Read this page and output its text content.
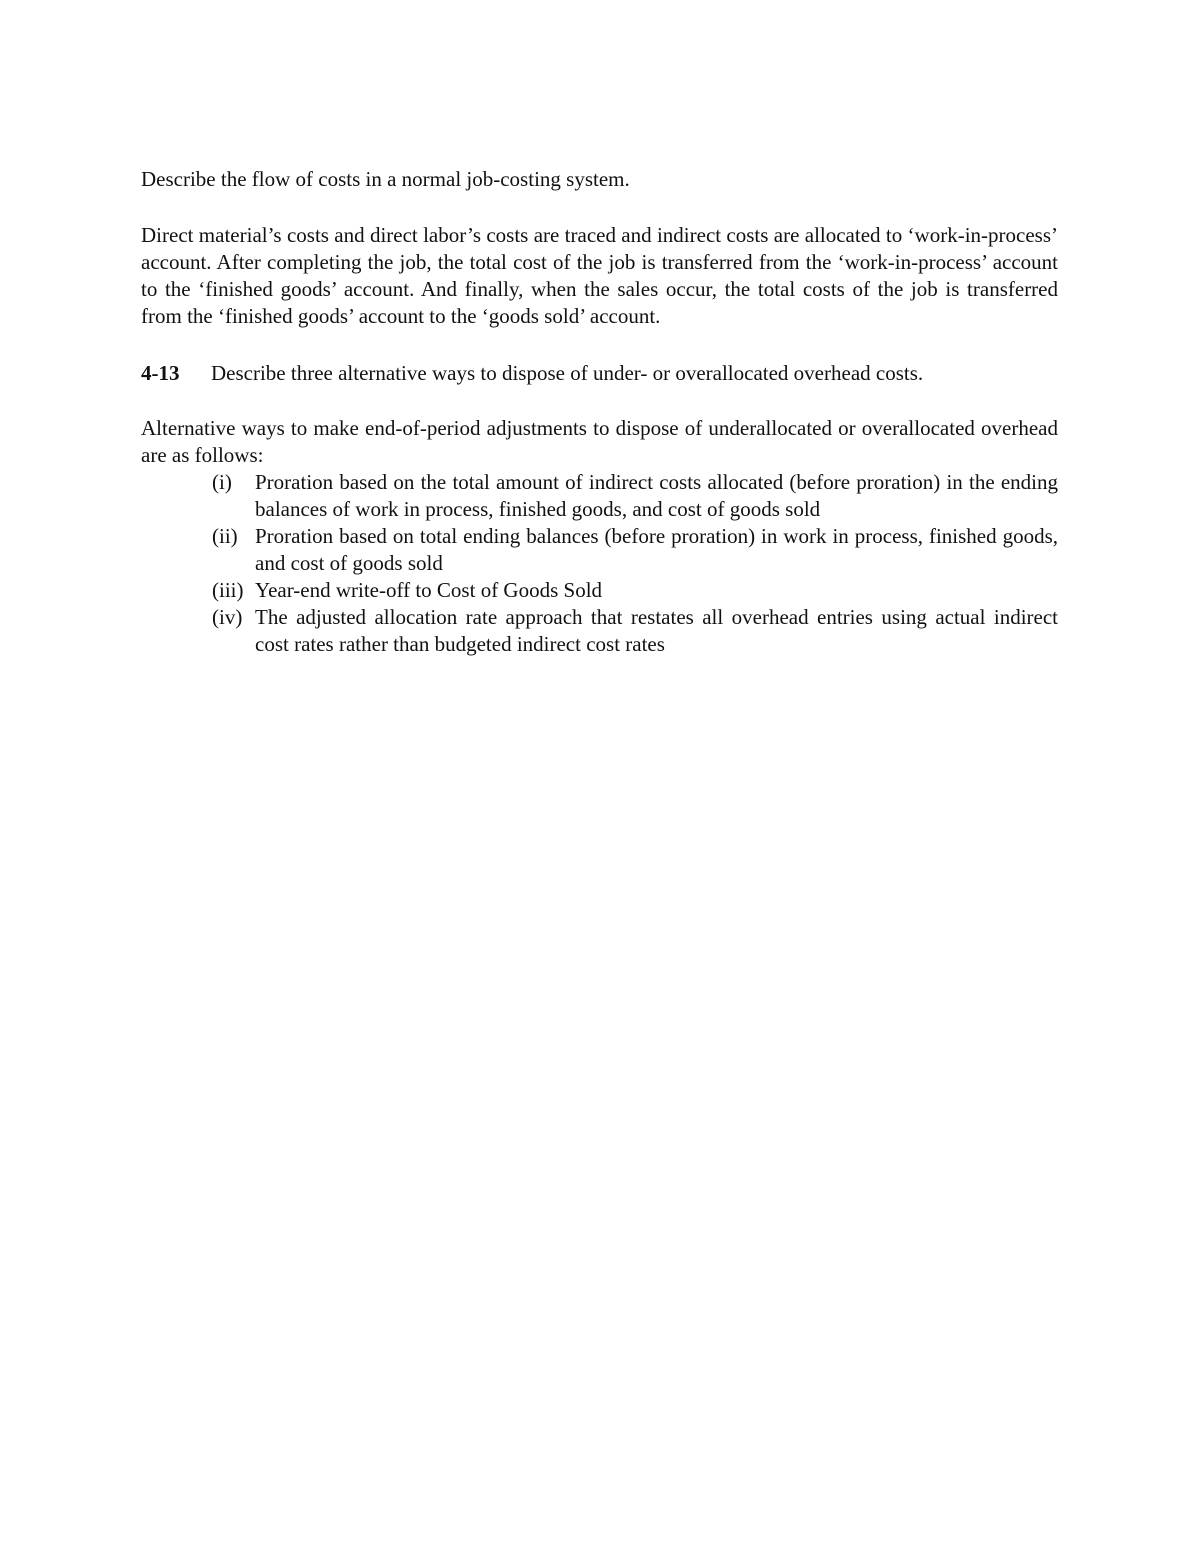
Describe the flow of costs in a normal job-costing system.

Direct material’s costs and direct labor’s costs are traced and indirect costs are allocated to ‘work-in-process’ account. After completing the job, the total cost of the job is transferred from the ‘work-in-process’ account to the ‘finished goods’ account. And finally, when the sales occur, the total costs of the job is transferred from the ‘finished goods’ account to the ‘goods sold’ account.

4-13 Describe three alternative ways to dispose of under- or overallocated overhead costs.

Alternative ways to make end-of-period adjustments to dispose of underallocated or overallocated overhead are as follows:

(i)	Proration based on the total amount of indirect costs allocated (before proration) in the ending balances of work in process, finished goods, and cost of goods sold
(ii) Proration based on total ending balances (before proration) in work in process, finished goods, and cost of goods sold
(iii) Year-end write-off to Cost of Goods Sold
(iv) The adjusted allocation rate approach that restates all overhead entries using actual indirect cost rates rather than budgeted indirect cost rates
